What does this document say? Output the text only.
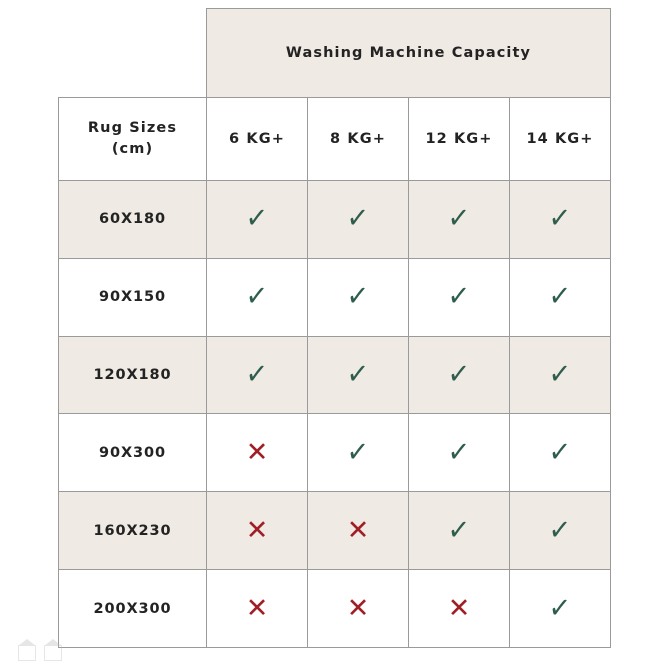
	Washing Machine Capacity			

Rug Sizes
(cm)	6 KG+	8 KG+	12 KG+	14 KG+
60X180	✓	✓	✓	✓
90X150	✓	✓	✓	✓
120X180	✓	✓	✓	✓
90X300	✕	✓	✓	✓
160X230	✕	✕	✓	✓
200X300	✕	✕	✕	✓
